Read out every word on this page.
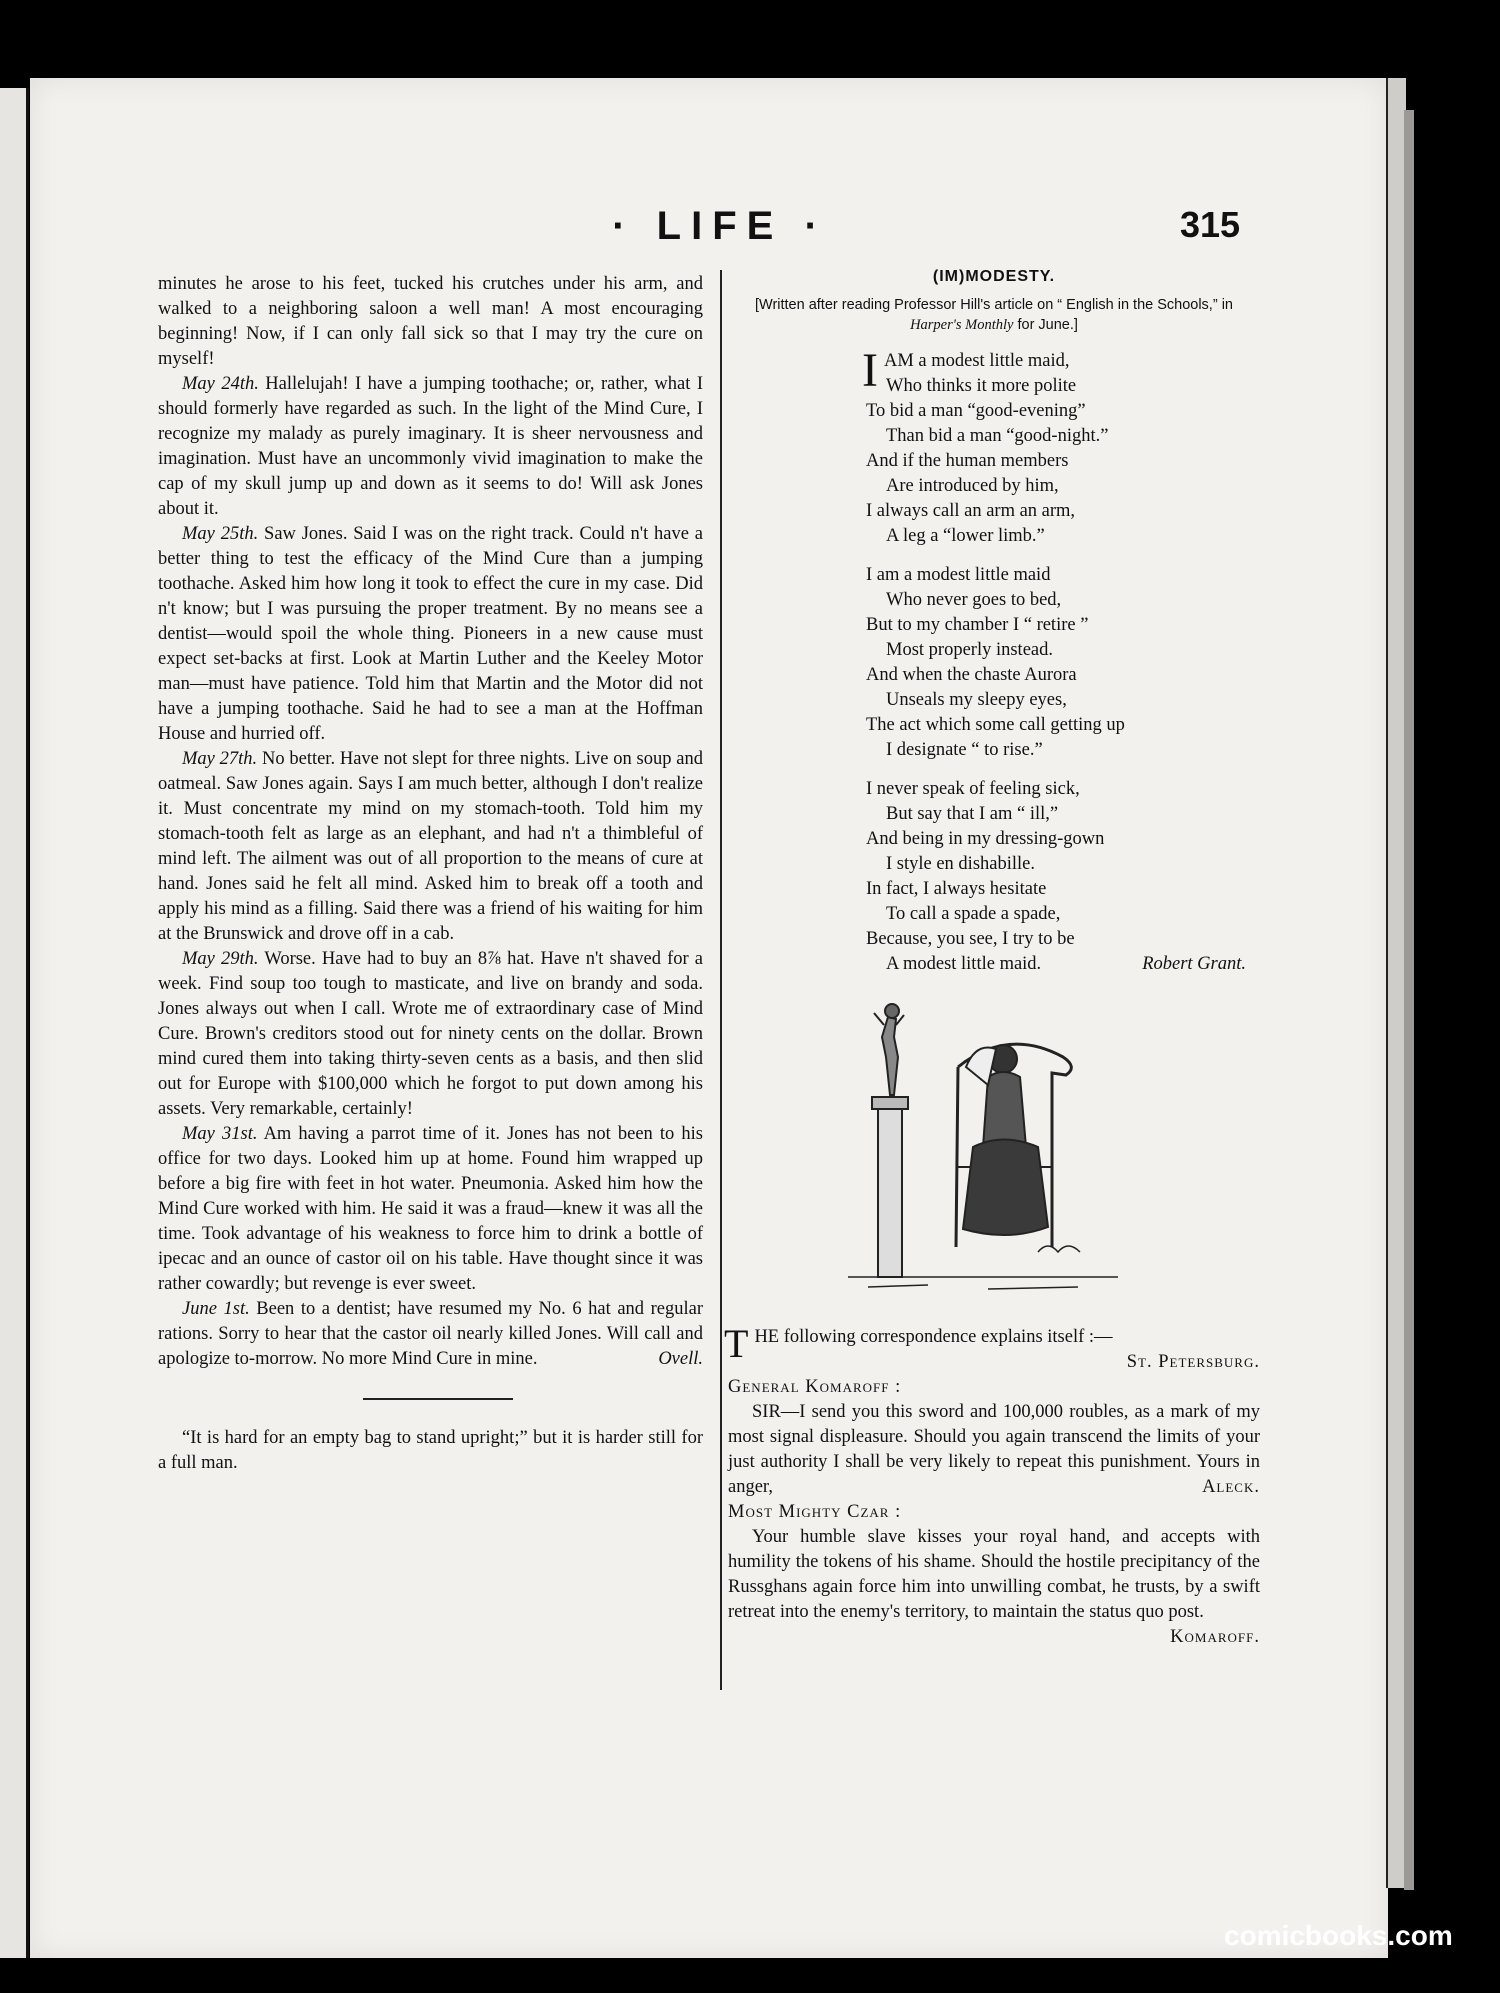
· LIFE ·	315

minutes he arose to his feet, tucked his crutches under his arm, and walked to a neighboring saloon a well man! A most encouraging beginning! Now, if I can only fall sick so that I may try the cure on myself!

May 24th. Hallelujah! I have a jumping toothache; or, rather, what I should formerly have regarded as such. In the light of the Mind Cure, I recognize my malady as purely imaginary. It is sheer nervousness and imagination. Must have an uncommonly vivid imagination to make the cap of my skull jump up and down as it seems to do! Will ask Jones about it.

May 25th. Saw Jones. Said I was on the right track. Could n't have a better thing to test the efficacy of the Mind Cure than a jumping toothache. Asked him how long it took to effect the cure in my case. Did n't know; but I was pursuing the proper treatment. By no means see a dentist—would spoil the whole thing. Pioneers in a new cause must expect set-backs at first. Look at Martin Luther and the Keeley Motor man—must have patience. Told him that Martin and the Motor did not have a jumping toothache. Said he had to see a man at the Hoffman House and hurried off.

May 27th. No better. Have not slept for three nights. Live on soup and oatmeal. Saw Jones again. Says I am much better, although I don't realize it. Must concentrate my mind on my stomach-tooth. Told him my stomach-tooth felt as large as an elephant, and had n't a thimbleful of mind left. The ailment was out of all proportion to the means of cure at hand. Jones said he felt all mind. Asked him to break off a tooth and apply his mind as a filling. Said there was a friend of his waiting for him at the Brunswick and drove off in a cab.

May 29th. Worse. Have had to buy an 8⅞ hat. Have n't shaved for a week. Find soup too tough to masticate, and live on brandy and soda. Jones always out when I call. Wrote me of extraordinary case of Mind Cure. Brown's creditors stood out for ninety cents on the dollar. Brown mind cured them into taking thirty-seven cents as a basis, and then slid out for Europe with $100,000 which he forgot to put down among his assets. Very remarkable, certainly!

May 31st. Am having a parrot time of it. Jones has not been to his office for two days. Looked him up at home. Found him wrapped up before a big fire with feet in hot water. Pneumonia. Asked him how the Mind Cure worked with him. He said it was a fraud—knew it was all the time. Took advantage of his weakness to force him to drink a bottle of ipecac and an ounce of castor oil on his table. Have thought since it was rather cowardly; but revenge is ever sweet.

June 1st. Been to a dentist; have resumed my No. 6 hat and regular rations. Sorry to hear that the castor oil nearly killed Jones. Will call and apologize to-morrow. No more Mind Cure in mine.	Ovell.

“It is hard for an empty bag to stand upright;” but it is harder still for a full man.

(IM)MODESTY.
[Written after reading Professor Hill's article on “ English in the Schools,” in Harper's Monthly for June.]
I AM a modest little maid,
Who thinks it more polite
To bid a man “good-evening”
Than bid a man “good-night.”
And if the human members
Are introduced by him,
I always call an arm an arm,
A leg a “lower limb.”
I am a modest little maid
Who never goes to bed,
But to my chamber I “ retire ”
Most properly instead.
And when the chaste Aurora
Unseals my sleepy eyes,
The act which some call getting up
I designate “ to rise.”
I never speak of feeling sick,
But say that I am “ ill,”
And being in my dressing-gown
I style en dishabille.
In fact, I always hesitate
To call a spade a spade,
Because, you see, I try to be
A modest little maid.	Robert Grant.

THE following correspondence explains itself :—

St. Petersburg.

General Komaroff :

SIR—I send you this sword and 100,000 roubles, as a mark of my most signal displeasure. Should you again transcend the limits of your just authority I shall be very likely to repeat this punishment. Yours in anger,	Aleck.

Most Mighty Czar :

Your humble slave kisses your royal hand, and accepts with humility the tokens of his shame. Should the hostile precipitancy of the Russghans again force him into unwilling combat, he trusts, by a swift retreat into the enemy's territory, to maintain the status quo post.
Komaroff.

comicbooks.com
